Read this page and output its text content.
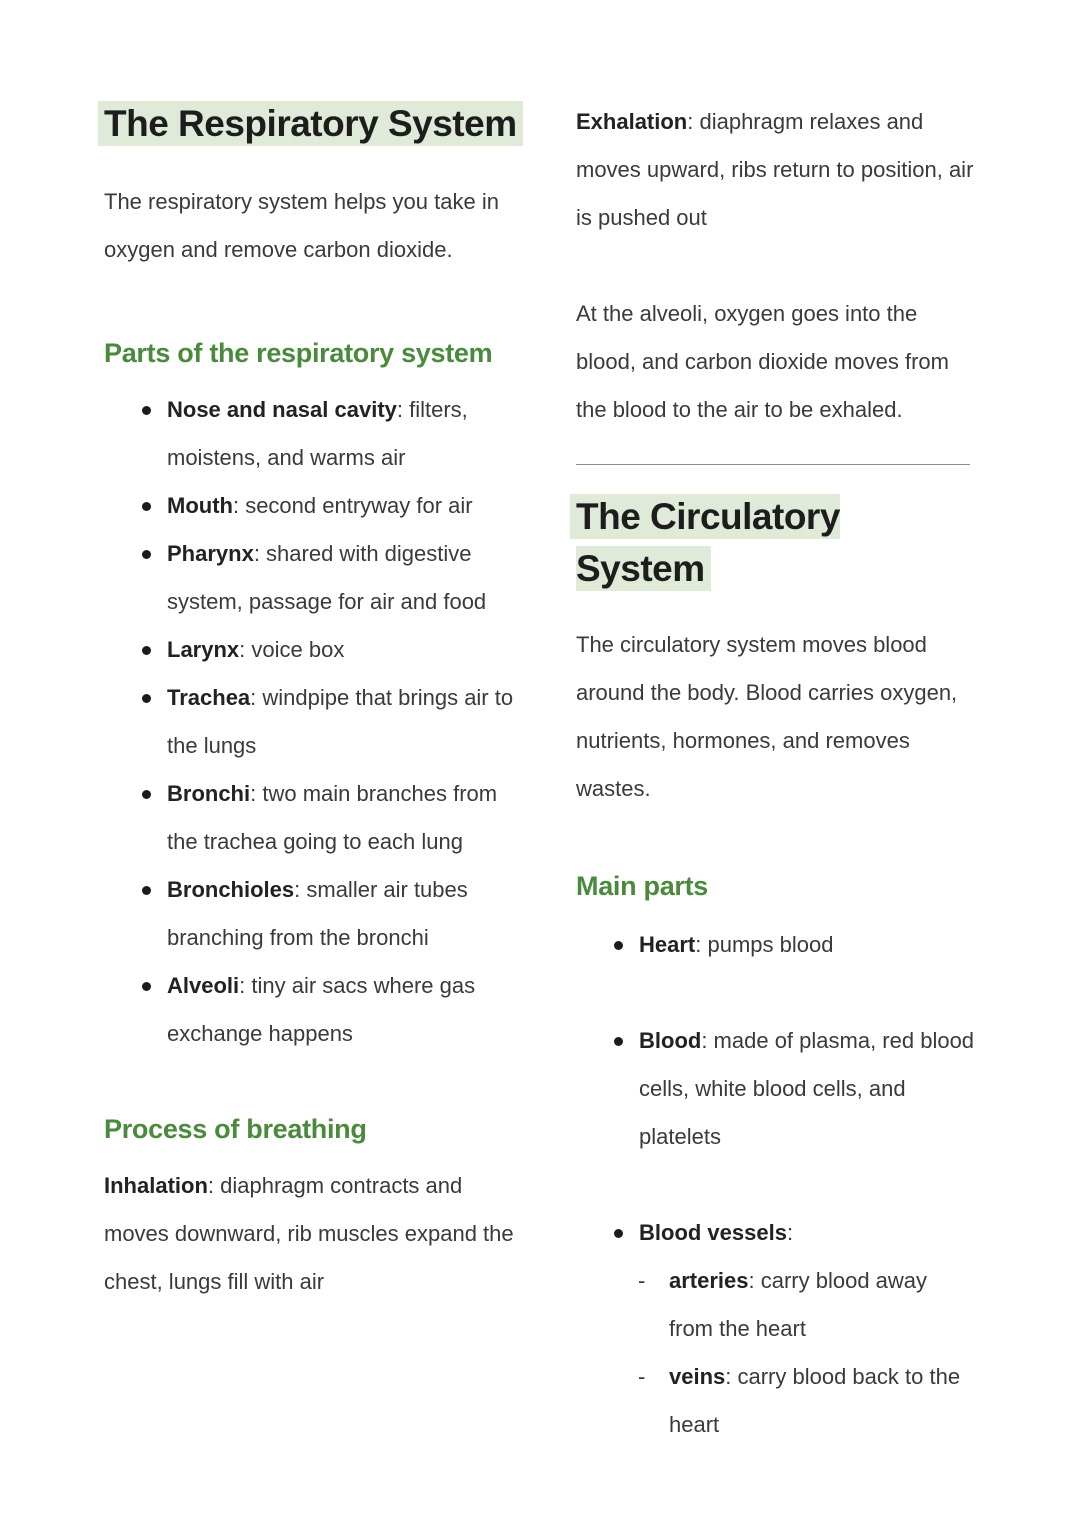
The Respiratory System

The respiratory system helps you take in oxygen and remove carbon dioxide.

Parts of the respiratory system
Nose and nasal cavity: filters, moistens, and warms air
Mouth: second entryway for air
Pharynx: shared with digestive system, passage for air and food
Larynx: voice box
Trachea: windpipe that brings air to the lungs
Bronchi: two main branches from the trachea going to each lung
Bronchioles: smaller air tubes branching from the bronchi
Alveoli: tiny air sacs where gas exchange happens
Process of breathing

Inhalation: diaphragm contracts and moves downward, rib muscles expand the chest, lungs fill with air

Exhalation: diaphragm relaxes and moves upward, ribs return to position, air is pushed out

At the alveoli, oxygen goes into the blood, and carbon dioxide moves from the blood to the air to be exhaled.

The Circulatory System

The circulatory system moves blood around the body. Blood carries oxygen, nutrients, hormones, and removes wastes.

Main parts
Heart: pumps blood
Blood: made of plasma, red blood cells, white blood cells, and platelets
Blood vessels:
-	arteries: carry blood away from the heart
-	veins: carry blood back to the heart
